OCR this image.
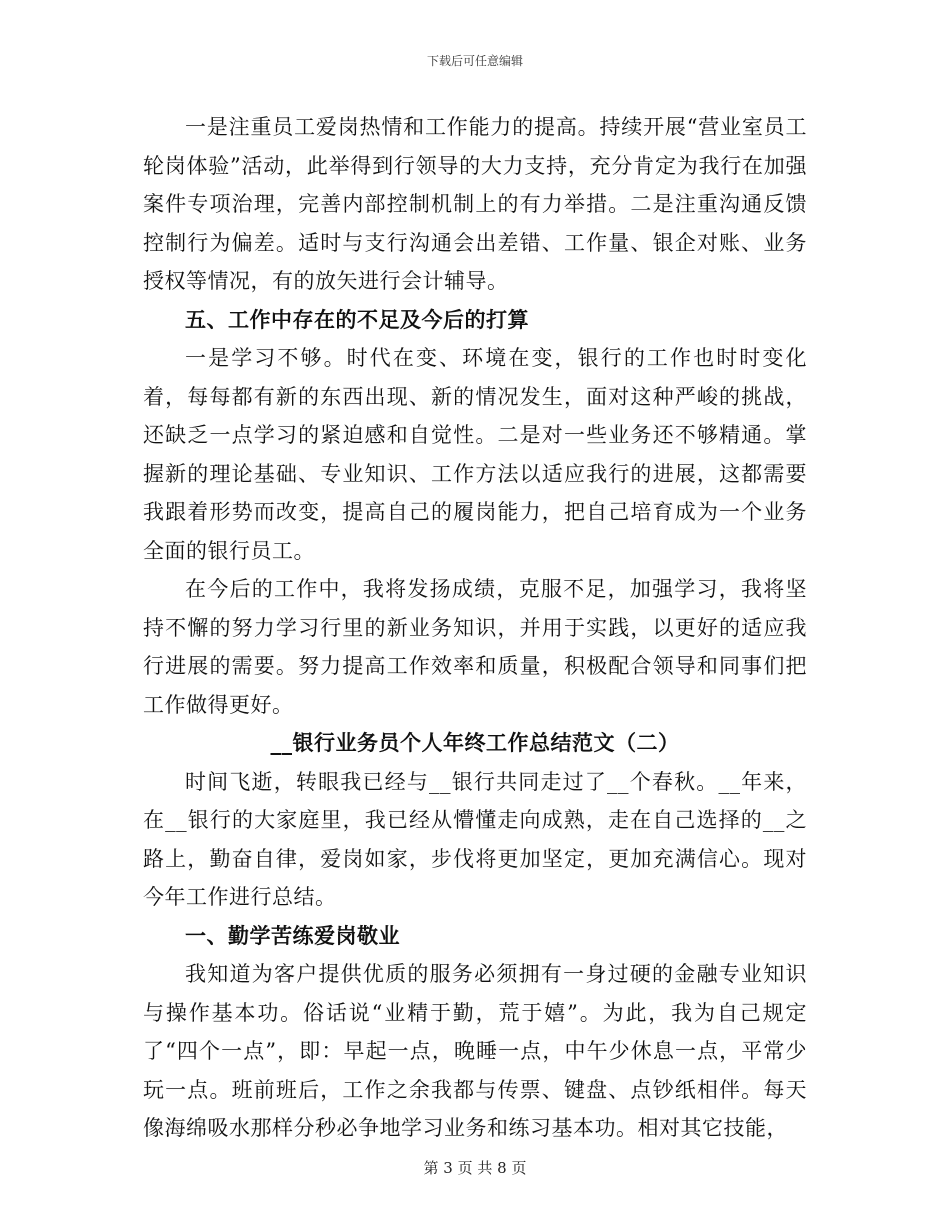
下载后可任意编辑

一是注重员工爱岗热情和工作能力的提高。持续开展“营业室员工轮岗体验”活动，此举得到行领导的大力支持，充分肯定为我行在加强案件专项治理，完善内部控制机制上的有力举措。二是注重沟通反馈控制行为偏差。适时与支行沟通会出差错、工作量、银企对账、业务授权等情况，有的放矢进行会计辅导。

五、工作中存在的不足及今后的打算

一是学习不够。时代在变、环境在变，银行的工作也时时变化着，每每都有新的东西出现、新的情况发生，面对这种严峻的挑战，还缺乏一点学习的紧迫感和自觉性。二是对一些业务还不够精通。掌握新的理论基础、专业知识、工作方法以适应我行的进展，这都需要我跟着形势而改变，提高自己的履岗能力，把自己培育成为一个业务全面的银行员工。

在今后的工作中，我将发扬成绩，克服不足，加强学习，我将坚持不懈的努力学习行里的新业务知识，并用于实践，以更好的适应我行进展的需要。努力提高工作效率和质量，积极配合领导和同事们把工作做得更好。

__银行业务员个人年终工作总结范文（二）

时间飞逝，转眼我已经与__银行共同走过了__个春秋。__年来，在__银行的大家庭里，我已经从懵懂走向成熟，走在自己选择的__之路上，勤奋自律，爱岗如家，步伐将更加坚定，更加充满信心。现对今年工作进行总结。

一、勤学苦练爱岗敬业

我知道为客户提供优质的服务必须拥有一身过硬的金融专业知识与操作基本功。俗话说“业精于勤，荒于嬉”。为此，我为自己规定了“四个一点”，即：早起一点，晚睡一点，中午少休息一点，平常少玩一点。班前班后，工作之余我都与传票、键盘、点钞纸相伴。每天像海绵吸水那样分秒必争地学习业务和练习基本功。相对其它技能，

第 3 页 共 8 页
